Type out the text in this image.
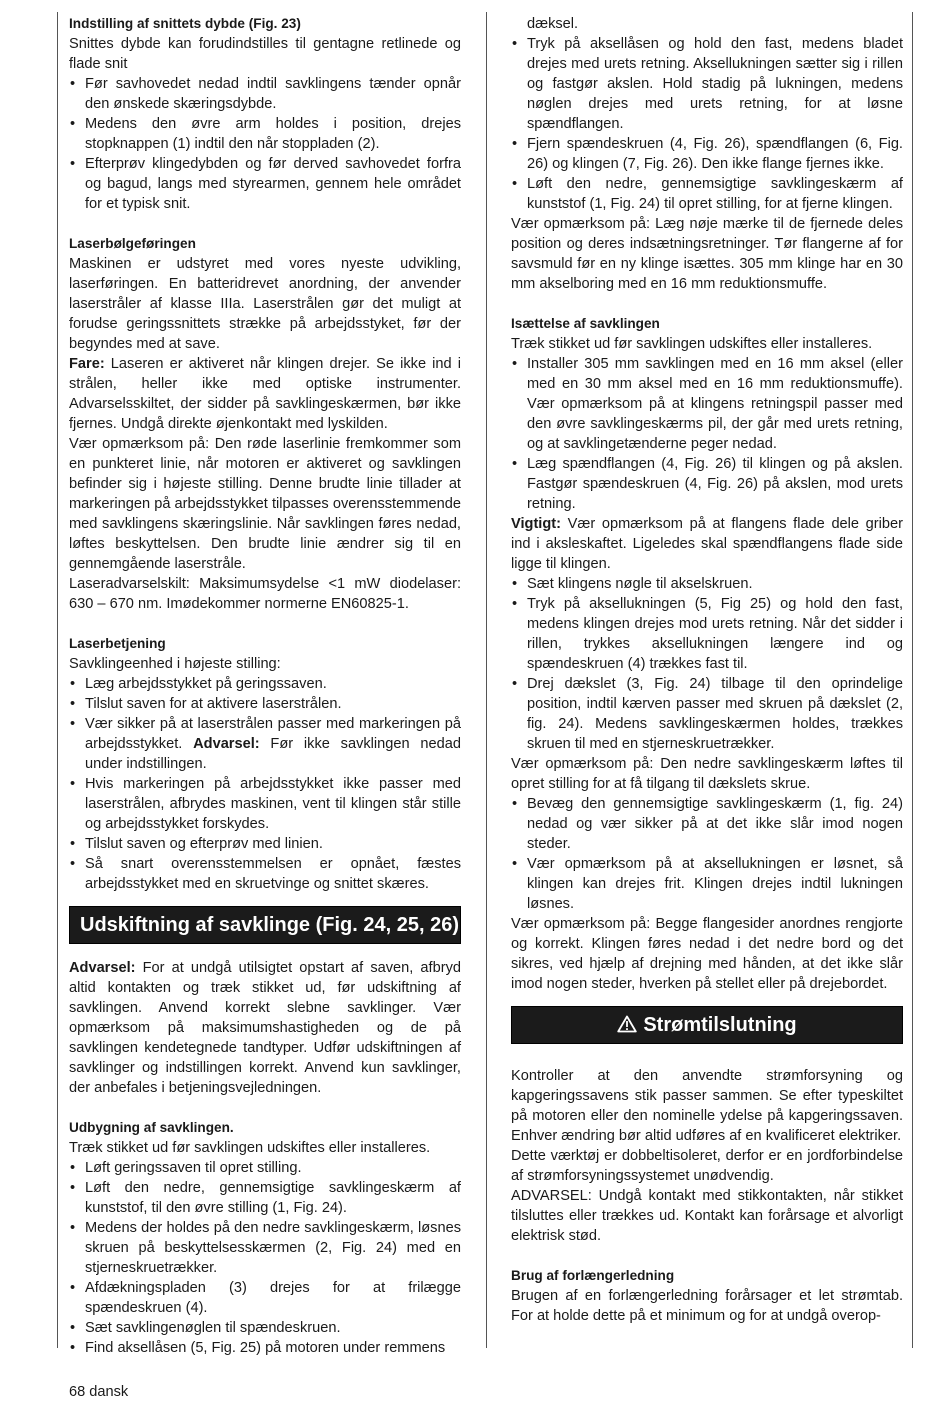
Indstilling af snittets dybde (Fig. 23)

Snittes dybde kan forudindstilles til gentagne retlinede og flade snit

• Før savhovedet nedad indtil savklingens tænder opnår den ønskede skæringsdybde.
• Medens den øvre arm holdes i position, drejes stopknappen (1) indtil den når stoppladen (2).
• Efterprøv klingedybden og før derved savhovedet forfra og bagud, langs med styrearmen, gennem hele området for et typisk snit.

Laserbølgeføringen

Maskinen er udstyret med vores nyeste udvikling, laserføringen. En batteridrevet anordning, der anvender laserstråler af klasse IIIa. Laserstrålen gør det muligt at forudse geringssnittets strække på arbejdsstyket, før der begyndes med at save.

Fare: Laseren er aktiveret når klingen drejer. Se ikke ind i strålen, heller ikke med optiske instrumenter. Advarselsskiltet, der sidder på savklingeskærmen, bør ikke fjernes. Undgå direkte øjenkontakt med lyskilden.

Vær opmærksom på: Den røde laserlinie fremkommer som en punkteret linie, når motoren er aktiveret og savklingen befinder sig i højeste stilling. Denne brudte linie tillader at markeringen på arbejdsstykket tilpasses overensstemmende med savklingens skæringslinie. Når savklingen føres nedad, løftes beskyttelsen. Den brudte linie ændrer sig til en gennemgående laserstråle.

Laseradvarselskilt: Maksimumsydelse <1 mW diodelaser: 630 – 670 nm. Imødekommer normerne EN60825-1.

Laserbetjening

Savklingeenhed i højeste stilling:

• Læg arbejdsstykket på geringssaven.
• Tilslut saven for at aktivere laserstrålen.
• Vær sikker på at laserstrålen passer med markeringen på arbejdsstykket. Advarsel: Før ikke savklingen nedad under indstillingen.
• Hvis markeringen på arbejdsstykket ikke passer med laserstrålen, afbrydes maskinen, vent til klingen står stille og arbejdsstykket forskydes.
• Tilslut saven og efterprøv med linien.
• Så snart overensstemmelsen er opnået, fæstes arbejdsstykket med en skruetvinge og snittet skæres.
Udskiftning af savklinge (Fig. 24, 25, 26)

Advarsel: For at undgå utilsigtet opstart af saven, afbryd altid kontakten og træk stikket ud, før udskiftning af savklingen. Anvend korrekt slebne savklinger. Vær opmærksom på maksimumshastigheden og de på savklingen kendetegnede tandtyper. Udfør udskiftningen af savklinger og indstillingen korrekt. Anvend kun savklinger, der anbefales i betjeningsvejledningen.

Udbygning af savklingen.

Træk stikket ud før savklingen udskiftes eller installeres.

• Løft geringssaven til opret stilling.
• Løft den nedre, gennemsigtige savklingeskærm af kunststof, til den øvre stilling (1, Fig. 24).
• Medens der holdes på den nedre savklingeskærm, løsnes skruen på beskyttelsesskærmen (2, Fig. 24) med en stjerneskruetrækker.
• Afdækningspladen (3) drejes for at frilægge spændeskruen (4).
• Sæt savklingenøglen til spændeskruen.
• Find aksellåsen (5, Fig. 25) på motoren under remmens

dæksel.

• Tryk på aksellåsen og hold den fast, medens bladet drejes med urets retning. Aksellukningen sætter sig i rillen og fastgør akslen. Hold stadig på lukningen, medens nøglen drejes med urets retning, for at løsne spændflangen.
• Fjern spændeskruen (4, Fig. 26), spændflangen (6, Fig. 26) og klingen (7, Fig. 26). Den ikke flange fjernes ikke.
• Løft den nedre, gennemsigtige savklingeskærm af kunststof (1, Fig. 24) til opret stilling, for at fjerne klingen.

Vær opmærksom på: Læg nøje mærke til de fjernede deles position og deres indsætningsretninger. Tør flangerne af for savsmuld før en ny klinge isættes. 305 mm klinge har en 30 mm akselboring med en 16 mm reduktionsmuffe.

Isættelse af savklingen

Træk stikket ud før savklingen udskiftes eller installeres.

• Installer 305 mm savklingen med en 16 mm aksel (eller med en 30 mm aksel med en 16 mm reduktionsmuffe). Vær opmærksom på at klingens retningspil passer med den øvre savklingeskærms pil, der går med urets retning, og at savklingetænderne peger nedad.
• Læg spændflangen (4, Fig. 26) til klingen og på akslen. Fastgør spændeskruen (4, Fig. 26) på akslen, mod urets retning.

Vigtigt: Vær opmærksom på at flangens flade dele griber ind i aksleskaftet. Ligeledes skal spændflangens flade side ligge til klingen.

• Sæt klingens nøgle til akselskruen.
• Tryk på aksellukningen (5, Fig 25) og hold den fast, medens klingen drejes mod urets retning. Når det sidder i rillen, trykkes aksellukningen længere ind og spændeskruen (4) trækkes fast til.
• Drej dækslet (3, Fig. 24) tilbage til den oprindelige position, indtil kærven passer med skruen på dækslet (2, fig. 24). Medens savklingeskærmen holdes, trækkes skruen til med en stjerneskruetrækker.

Vær opmærksom på: Den nedre savklingeskærm løftes til opret stilling for at få tilgang til dækslets skrue.

• Bevæg den gennemsigtige savklingeskærm (1, fig. 24) nedad og vær sikker på at det ikke slår imod nogen steder.
• Vær opmærksom på at aksellukningen er løsnet, så klingen kan drejes frit. Klingen drejes indtil lukningen løsnes.

Vær opmærksom på: Begge flangesider anordnes rengjorte og korrekt. Klingen føres nedad i det nedre bord og det sikres, ved hjælp af drejning med hånden, at det ikke slår imod nogen steder, hverken på stellet eller på drejebordet.

Strømtilslutning

Kontroller at den anvendte strømforsyning og kapgeringssavens stik passer sammen. Se efter typeskiltet på motoren eller den nominelle ydelse på kapgeringssaven. Enhver ændring bør altid udføres af en kvalificeret elektriker.

Dette værktøj er dobbeltisoleret, derfor er en jordforbindelse af strømforsyningssystemet unødvendig.

ADVARSEL: Undgå kontakt med stikkontakten, når stikket tilsluttes eller trækkes ud. Kontakt kan forårsage et alvorligt elektrisk stød.

Brug af forlængerledning

Brugen af en forlængerledning forårsager et let strømtab. For at holde dette på et minimum og for at undgå overop-

68 dansk
